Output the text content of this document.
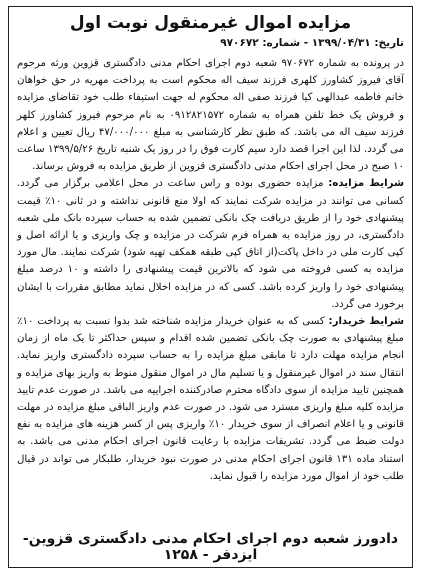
مزایده اموال غیرمنقول نوبت اول
تاریخ: ۱۳۹۹/۰۴/۳۱ - شماره: ۹۷۰۶۷۲

در پرونده به شماره ۹۷۰۶۷۲ شعبه دوم اجرای احکام مدنی دادگستری قزوین ورثه مرحوم آقای فیروز کشاورز کلهری فرزند سیف اله محکوم است به پرداخت مهریه در حق خواهان خانم فاطمه عبدالهی کیا فرزند صفی اله محکوم له جهت استیفاء طلب خود تقاضای مزایده و فروش یک خط تلفن همراه به شماره ۰۹۱۲۸۲۱۵۷۲ به نام مرحوم فیروز کشاورز کلهر فرزند سیف اله می باشد. که طبق نظر کارشناسی به مبلغ ۴۷/۰۰۰/۰۰۰ ریال تعیین و اعلام می گردد. لذا این اجرا قصد دارد سیم کارت فوق را در روز یک شنبه تاریخ ۱۳۹۹/۵/۲۶ ساعت ۱۰ صبح در محل اجرای احکام مدنی دادگستری قزوین از طریق مزایده به فروش برساند.

شرایط مزایده: مزایده حضوری بوده و راس ساعت در محل اعلامی برگزار می گردد. کسانی می توانند در مزایده شرکت نمایند که اولا منع قانونی نداشته و در ثانی ۱۰٪ قیمت پیشنهادی خود را از طریق دریافت چک بانکی تضمین شده به حساب سپرده بانک ملی شعبه دادگستری، در روز مزایده به همراه فرم شرکت در مزایده و چک واریزی و یا ارائه اصل و کپی کارت ملی در داخل پاکت(از اتاق کپی طبقه همکف تهیه شود) شرکت نمایند. مال مورد مزایده به کسی فروخته می شود که بالاترین قیمت پیشنهادی را داشته و ۱۰ درصد مبلغ پیشنهادی خود را واریز کرده باشد. کسی که در مزایده اخلال نماید مطابق مقررات با ایشان برخورد می گردد.

شرایط خریدار: کسی که به عنوان خریدار مزایده شناخته شد بدوا نسبت به پرداخت ۱۰٪ مبلغ پیشنهادی به صورت چک بانکی تضمین شده اقدام و سپس حداکثر تا یک ماه از زمان انجام مزایده مهلت دارد تا مابقی مبلغ مزایده را به حساب سپرده دادگستری واریز نماید. انتقال سند در اموال غیرمنقول و یا تسلیم مال در اموال منقول منوط به واریز بهای مزایده و همچنین تایید مزایده از سوی دادگاه محترم صادرکننده اجراییه می باشد. در صورت عدم تایید مزایده کلیه مبلغ واریزی مسترد می شود. در صورت عدم واریز الباقی مبلغ مزایده در مهلت قانونی و یا اعلام انصراف از سوی خریدار ۱۰٪ واریزی پس از کسر هزینه های مزایده به نفع دولت ضبط می گردد. تشریفات مزایده با رعایت قانون اجرای احکام مدنی می باشد. به استناد ماده ۱۳۱ قانون اجرای احکام مدنی در صورت نبود خریدار، طلبکار می تواند در قبال طلب خود از اموال مورد مزایده را قبول نماید.

دادورز شعبه دوم اجرای احکام مدنی دادگستری قزوین- ایزدفر - ۱۲۵۸
